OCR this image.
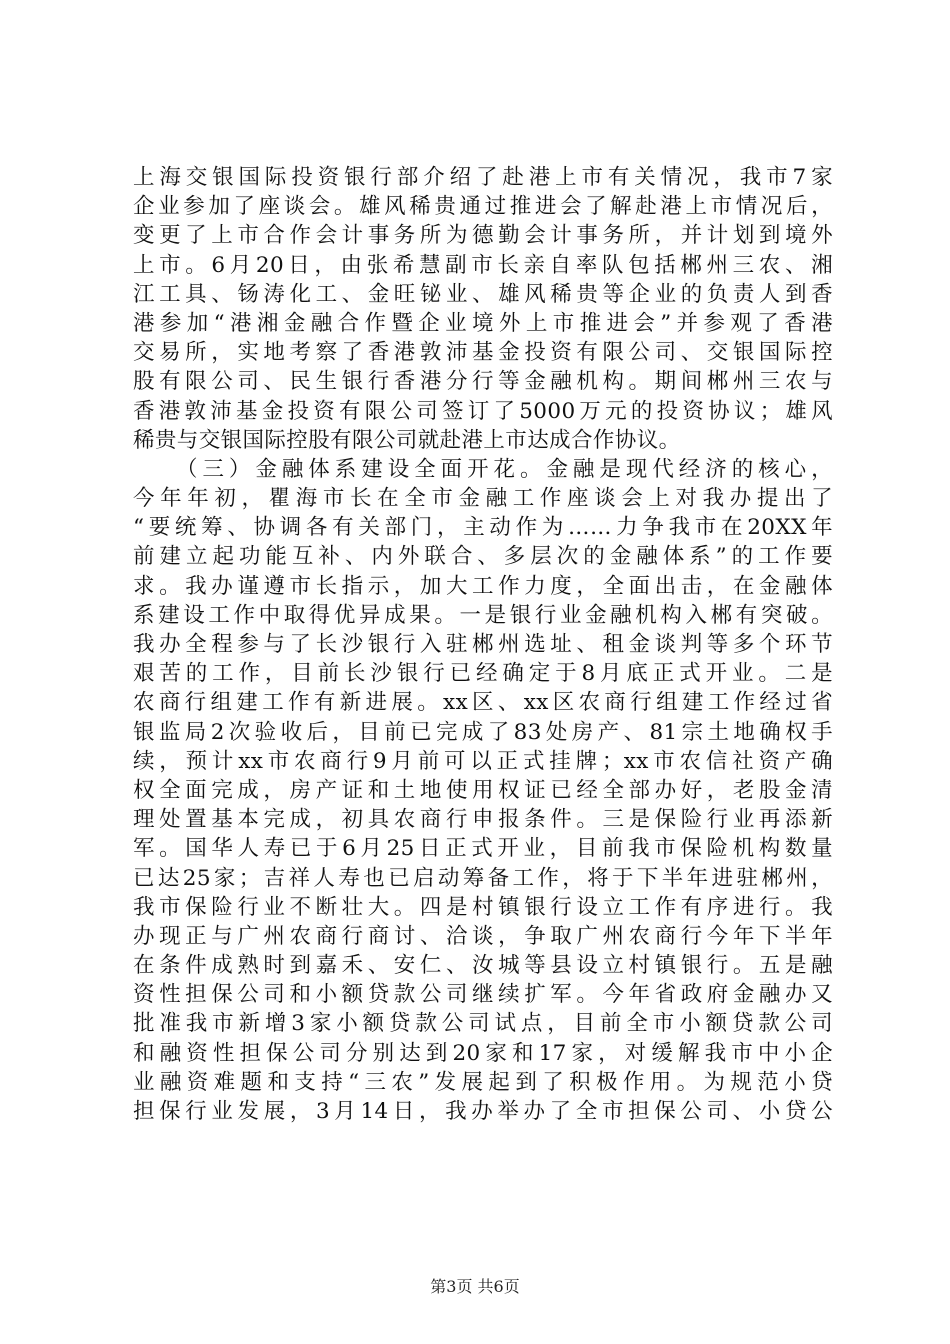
上海交银国际投资银行部介绍了赴港上市有关情况，我市7家
企业参加了座谈会。雄风稀贵通过推进会了解赴港上市情况后，
变更了上市合作会计事务所为德勤会计事务所，并计划到境外
上市。6月20日，由张希慧副市长亲自率队包括郴州三农、湘
江工具、钖涛化工、金旺铋业、雄风稀贵等企业的负责人到香
港参加“港湘金融合作暨企业境外上市推进会”并参观了香港
交易所，实地考察了香港敦沛基金投资有限公司、交银国际控
股有限公司、民生银行香港分行等金融机构。期间郴州三农与
香港敦沛基金投资有限公司签订了5000万元的投资协议；雄风
稀贵与交银国际控股有限公司就赴港上市达成合作协议。
（三）金融体系建设全面开花。金融是现代经济的核心，
今年年初，瞿海市长在全市金融工作座谈会上对我办提出了
“要统筹、协调各有关部门，主动作为……力争我市在20XX年
前建立起功能互补、内外联合、多层次的金融体系”的工作要
求。我办谨遵市长指示，加大工作力度，全面出击，在金融体
系建设工作中取得优异成果。一是银行业金融机构入郴有突破。
我办全程参与了长沙银行入驻郴州选址、租金谈判等多个环节
艰苦的工作，目前长沙银行已经确定于8月底正式开业。二是
农商行组建工作有新进展。xx区、xx区农商行组建工作经过省
银监局2次验收后，目前已完成了83处房产、81宗土地确权手
续，预计xx市农商行9月前可以正式挂牌；xx市农信社资产确
权全面完成，房产证和土地使用权证已经全部办好，老股金清
理处置基本完成，初具农商行申报条件。三是保险行业再添新
军。国华人寿已于6月25日正式开业，目前我市保险机构数量
已达25家；吉祥人寿也已启动筹备工作，将于下半年进驻郴州，
我市保险行业不断壮大。四是村镇银行设立工作有序进行。我
办现正与广州农商行商讨、洽谈，争取广州农商行今年下半年
在条件成熟时到嘉禾、安仁、汝城等县设立村镇银行。五是融
资性担保公司和小额贷款公司继续扩军。今年省政府金融办又
批准我市新增3家小额贷款公司试点，目前全市小额贷款公司
和融资性担保公司分别达到20家和17家，对缓解我市中小企
业融资难题和支持“三农”发展起到了积极作用。为规范小贷
担保行业发展，3月14日，我办举办了全市担保公司、小贷公
第3页 共6页
